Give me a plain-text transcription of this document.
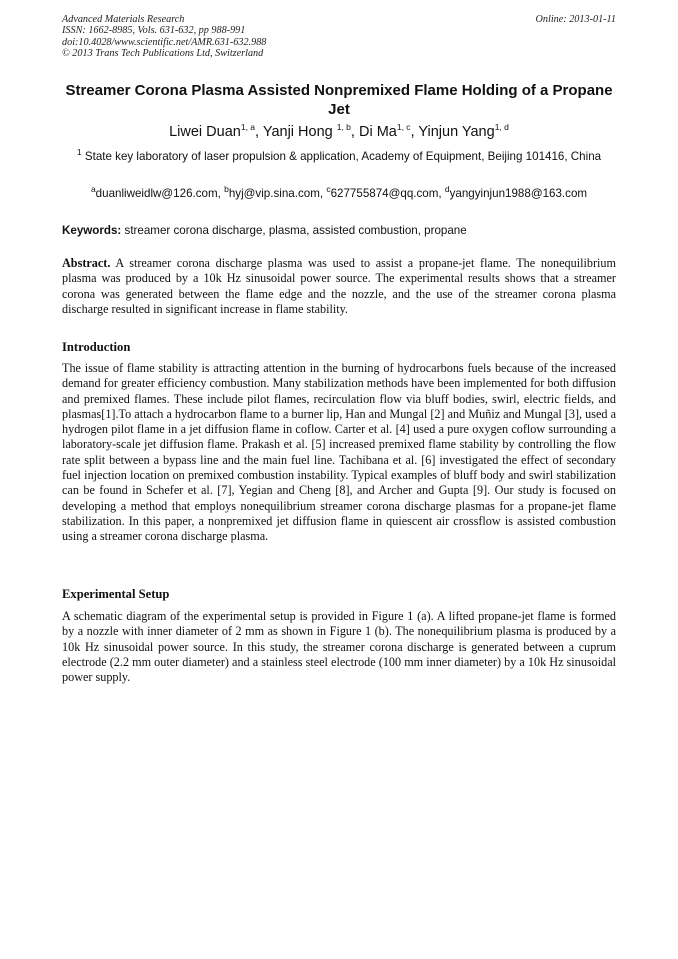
Advanced Materials Research
ISSN: 1662-8985, Vols. 631-632, pp 988-991
doi:10.4028/www.scientific.net/AMR.631-632.988
© 2013 Trans Tech Publications Ltd, Switzerland
Online: 2013-01-11
Streamer Corona Plasma Assisted Nonpremixed Flame Holding of a Propane Jet
Liwei Duan$^{1, a}$, Yanji Hong $^{1, b}$, Di Ma$^{1, c}$, Yinjun Yang$^{1, d}$
$^1$ State key laboratory of laser propulsion & application, Academy of Equipment, Beijing 101416, China
$^a$duanliweidlw@126.com, $^b$hyj@vip.sina.com, $^c$627755874@qq.com, $^d$yangyinjun1988@163.com
Keywords: streamer corona discharge, plasma, assisted combustion, propane
Abstract. A streamer corona discharge plasma was used to assist a propane-jet flame. The nonequilibrium plasma was produced by a 10k Hz sinusoidal power source. The experimental results shows that a streamer corona was generated between the flame edge and the nozzle, and the use of the streamer corona plasma discharge resulted in significant increase in flame stability.
Introduction
The issue of flame stability is attracting attention in the burning of hydrocarbons fuels because of the increased demand for greater efficiency combustion. Many stabilization methods have been implemented for both diffusion and premixed flames. These include pilot flames, recirculation flow via bluff bodies, swirl, electric fields, and plasmas[1].To attach a hydrocarbon flame to a burner lip, Han and Mungal [2] and Muñiz and Mungal [3], used a hydrogen pilot flame in a jet diffusion flame in coflow. Carter et al. [4] used a pure oxygen coflow surrounding a laboratory-scale jet diffusion flame. Prakash et al. [5] increased premixed flame stability by controlling the flow rate split between a bypass line and the main fuel line. Tachibana et al. [6] investigated the effect of secondary fuel injection location on premixed combustion instability. Typical examples of bluff body and swirl stabilization can be found in Schefer et al. [7], Yegian and Cheng [8], and Archer and Gupta [9]. Our study is focused on developing a method that employs nonequilibrium streamer corona discharge plasmas for a propane-jet flame stabilization. In this paper, a nonpremixed jet diffusion flame in quiescent air crossflow is assisted combustion using a streamer corona discharge plasma.
Experimental Setup
A schematic diagram of the experimental setup is provided in Figure 1 (a). A lifted propane-jet flame is formed by a nozzle with inner diameter of 2 mm as shown in Figure 1 (b). The nonequilibrium plasma is produced by a 10k Hz sinusoidal power source. In this study, the streamer corona discharge is generated between a cuprum electrode (2.2 mm outer diameter) and a stainless steel electrode (100 mm inner diameter) by a 10k Hz sinusoidal power supply.
